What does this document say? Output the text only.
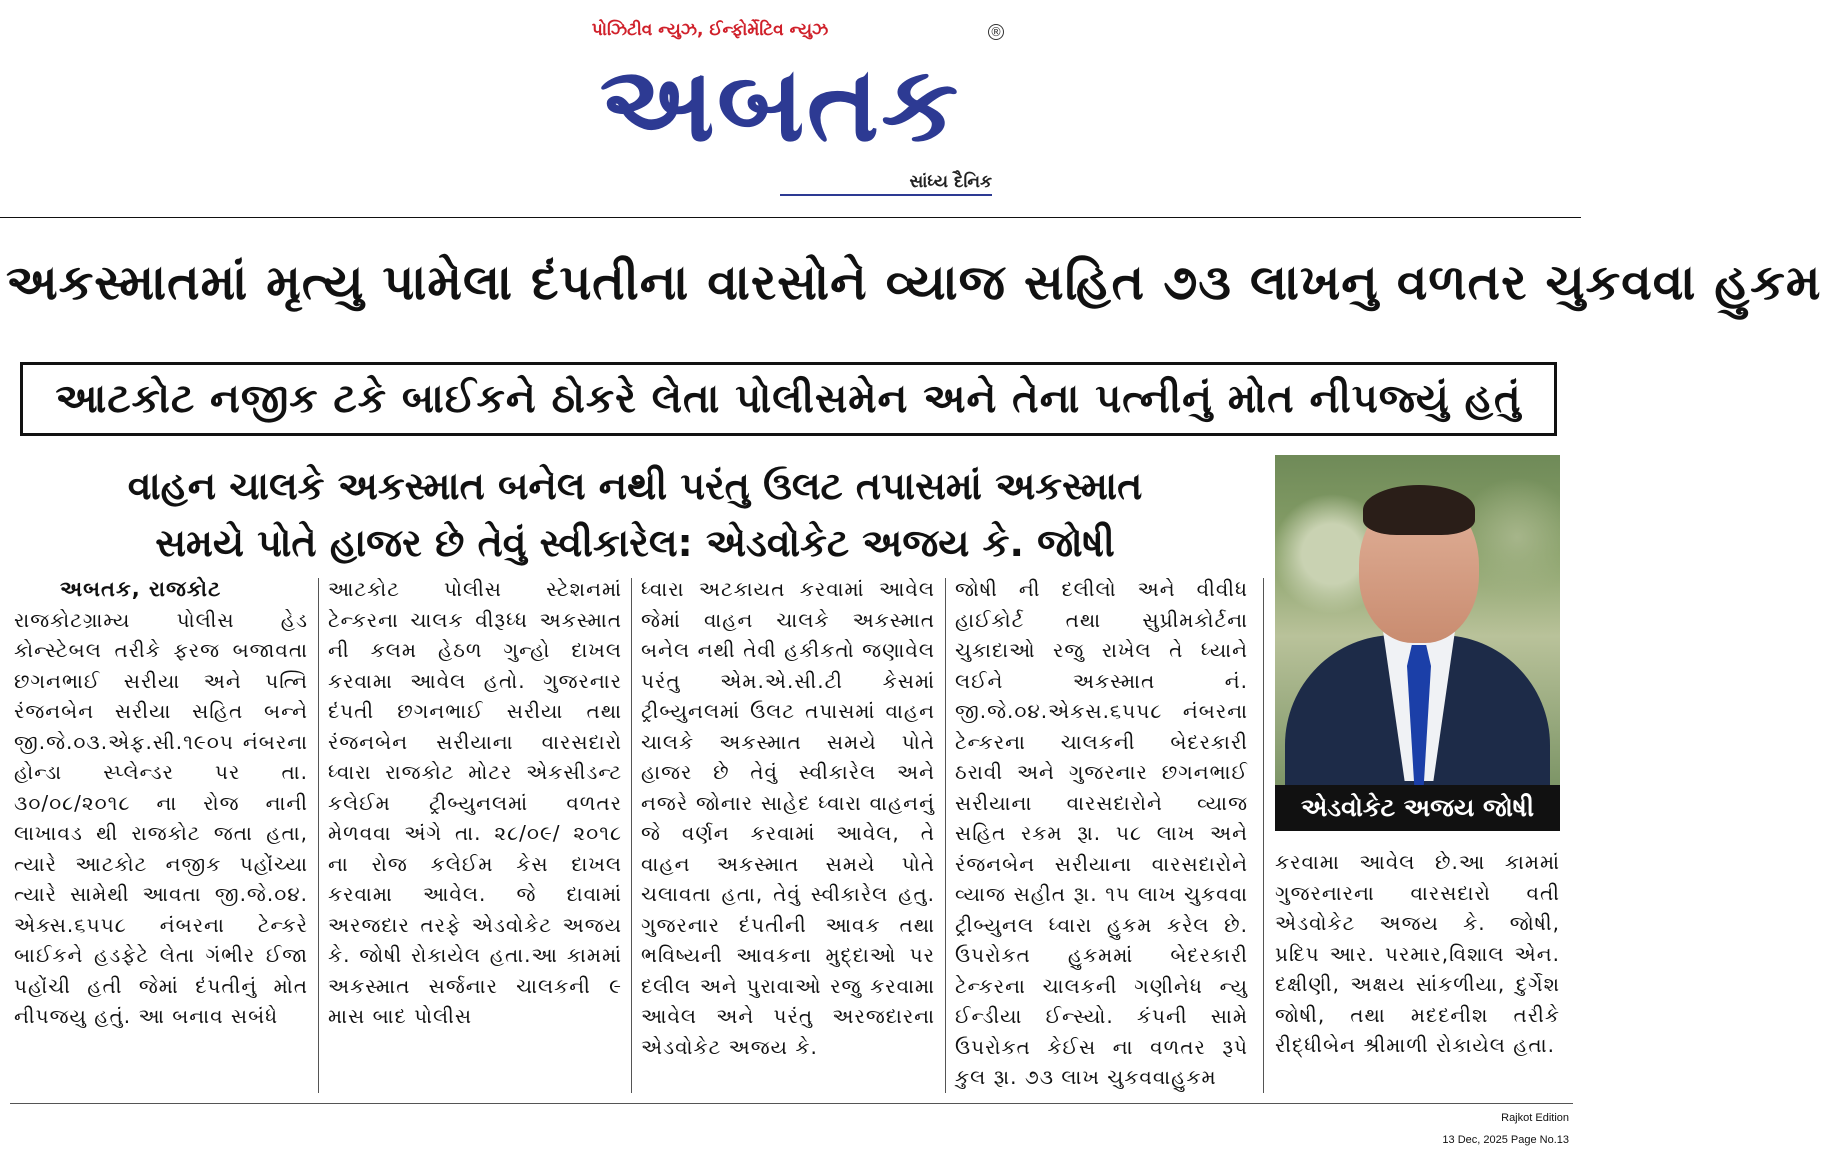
પોઝિટીવ ન્યુઝ, ઈન્ફોર્મેટિવ ન્યુઝ
અબતક
®
સાંધ્ય દૈનિક
અકસ્માતમાં મૃત્યુ પામેલા દંપતીના વારસોને વ્યાજ સહિત ૭૩ લાખનુ વળતર ચુકવવા હુકમ
આટકોટ નજીક ટકે બાઈકને ઠોકરે લેતા પોલીસમેન અને તેના પત્નીનું મોત નીપજ્યું હતું
વાહન ચાલકે અકસ્માત બનેલ નથી પરંતુ ઉલટ તપાસમાં અકસ્માત
સમયે પોતે હાજર છે તેવું સ્વીકારેલ: એડવોકેટ અજય કે. જોષી
એડવોકેટ અજય જોષી
અબતક, રાજકોટ
રાજકોટગ્રામ્ય પોલીસ હેડ કોન્સ્ટેબલ તરીકે ફરજ બજાવતા છગનભાઈ સરીયા અને પત્નિ રંજનબેન સરીયા સહિત બન્ને જી.જે.૦૩.એફ.સી.૧૯૦૫ નંબરના હોન્ડા સ્પ્લેન્ડર પર તા. ૩૦/૦૮/૨૦૧૮ ના રોજ નાની લાખાવડ થી રાજકોટ જતા હતા, ત્યારે આટકોટ નજીક પહોંચ્યા ત્યારે સામેથી આવતા જી.જે.૦૪. એક્સ.૬૫૫૮ નંબરના ટેન્કરે બાઈકને હડફેટે લેતા ગંભીર ઈજા પહોંચી હતી જેમાં દંપતીનું મોત નીપજયુ હતું. આ બનાવ સબંધે
આટકોટ પોલીસ સ્ટેશનમાં ટેન્કરના ચાલક વીરૂધ્ધ અકસ્માત ની કલમ હેઠળ ગુન્હો દાખલ કરવામા આવેલ હતો. ગુજરનાર દંપતી છગનભાઈ સરીયા તથા રંજનબેન સરીયાના વારસદારો ધ્વારા રાજકોટ મોટર એકસીડન્ટ કલેઈમ ટ્રીબ્યુનલમાં વળતર મેળવવા અંગે તા. ૨૮/૦૯/ ૨૦૧૮ ના રોજ કલેઈમ કેસ દાખલ કરવામા આવેલ. જે દાવામાં અરજદાર તરફે એડવોકેટ અજય કે. જોષી રોકાયેલ હતા.આ કામમાં અકસ્માત સર્જનાર ચાલકની ૯ માસ બાદ પોલીસ
ધ્વારા અટકાયત કરવામાં આવેલ જેમાં વાહન ચાલકે અકસ્માત બનેલ નથી તેવી હકીકતો જણાવેલ પરંતુ એમ.એ.સી.ટી કેસમાં ટ્રીબ્યુનલમાં ઉલટ તપાસમાં વાહન ચાલકે અકસ્માત સમયે પોતે હાજર છે તેવું સ્વીકારેલ અને નજરે જોનાર સાહેદ ધ્વારા વાહનનું જે વર્ણન કરવામાં આવેલ, તે વાહન અકસ્માત સમયે પોતે ચલાવતા હતા, તેવું સ્વીકારેલ હતુ. ગુજરનાર દંપતીની આવક તથા ભવિષ્યની આવકના મુદ્દાઓ પર દલીલ અને પુરાવાઓ રજુ કરવામા આવેલ અને પરંતુ અરજદારના એડવોકેટ અજય કે.
જોષી ની દલીલો અને વીવીધ હાઈકોર્ટ તથા સુપ્રીમકોર્ટના ચુકાદાઓ રજુ રાખેલ તે ધ્યાને લઈને અકસ્માત નં. જી.જે.૦૪.એકસ.૬૫૫૮ નંબરના ટેન્કરના ચાલકની બેદરકારી ઠરાવી અને ગુજરનાર છગનભાઈ સરીયાના વારસદારોને વ્યાજ સહિત રકમ રૂા. ૫૮ લાખ અને રંજનબેન સરીયાના વારસદારોને વ્યાજ સહીત રૂા. ૧૫ લાખ ચુકવવા ટ્રીબ્યુનલ ધ્વારા હુકમ કરેલ છે. ઉપરોકત હુકમમાં બેદરકારી ટેન્કરના ચાલકની ગણીનેધ ન્યુ ઈન્ડીયા ઈન્સ્યો. કંપની સામે ઉપરોકત કેઈસ ના વળતર રૂપે કુલ રૂા. ૭૩ લાખ ચુકવવાહુકમ
કરવામા આવેલ છે.આ કામમાં ગુજરનારના વારસદારો વતી એડવોકેટ અજય કે. જોષી, પ્રદિપ આર. પરમાર,વિશાલ એન. દક્ષીણી, અક્ષય સાંકળીયા, દુર્ગેશ જોષી, તથા મદદનીશ તરીકે રીદ્ધીબેન શ્રીમાળી રોકાયેલ હતા.
Rajkot Edition
13 Dec, 2025 Page No.13
